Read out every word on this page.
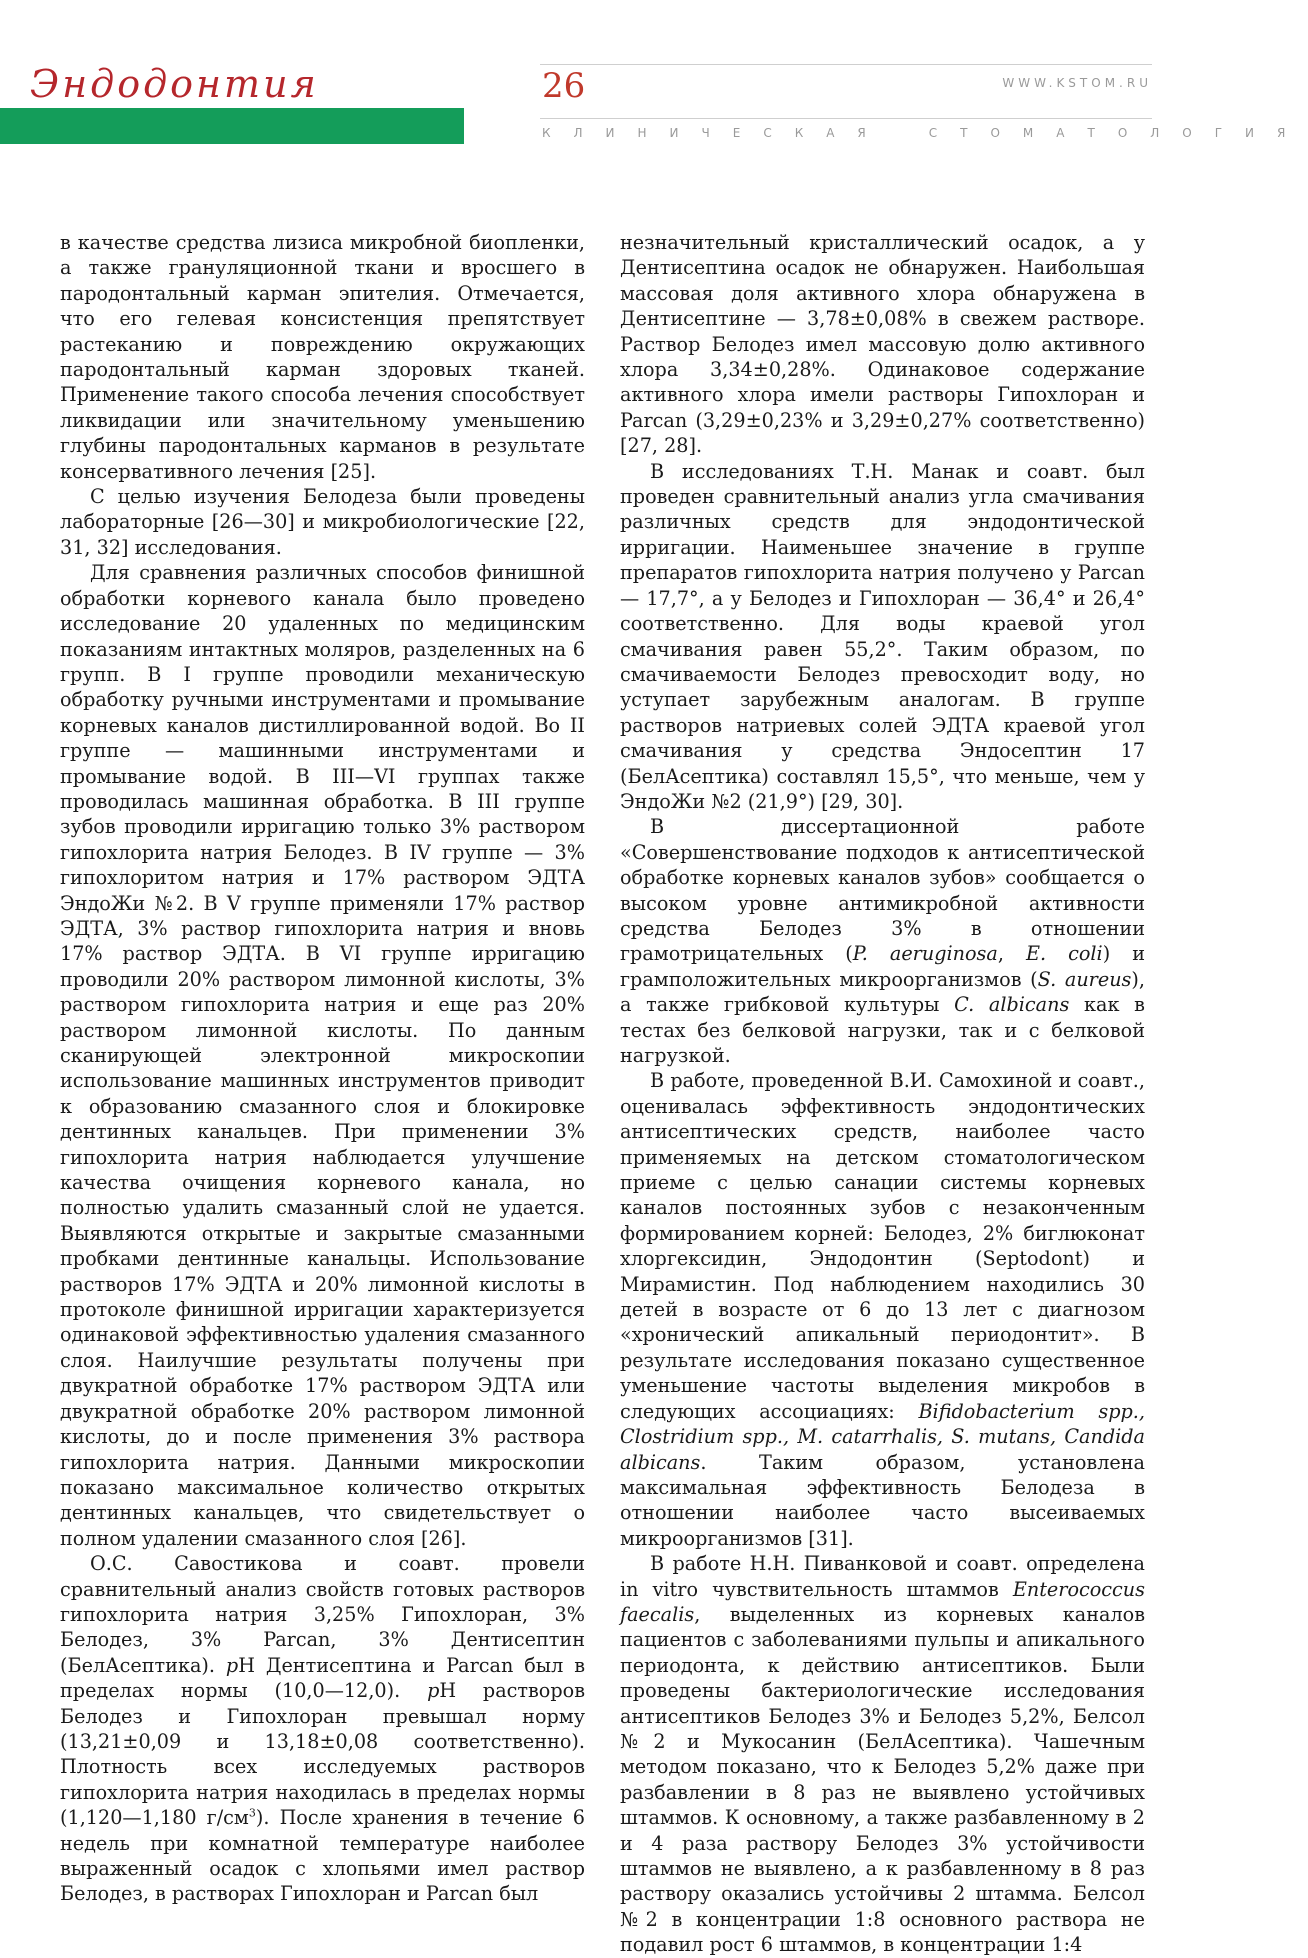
Эндодонтия	26	WWW.KSTOM.RU
КЛИНИЧЕСКАЯ	СТОМАТОЛОГИЯ

в качестве средства лизиса микробной биопленки, а также грануляционной ткани и вросшего в пародонтальный карман эпителия. Отмечается, что его гелевая консистенция препятствует растеканию и повреждению окружающих пародонтальный карман здоровых тканей. Применение такого способа лечения способствует ликвидации или значительному уменьшению глубины пародонтальных карманов в результате консервативного лечения [25].

С целью изучения Белодеза были проведены лабораторные [26—30] и микробиологические [22, 31, 32] исследования.

Для сравнения различных способов финишной обработки корневого канала было проведено исследование 20 удаленных по медицинским показаниям интактных моляров, разделенных на 6 групп. В I группе проводили механическую обработку ручными инструментами и промывание корневых каналов дистиллированной водой. Во II группе — машинными инструментами и промывание водой. В III—VI группах также проводилась машинная обработка. В III группе зубов проводили ирригацию только 3% раствором гипохлорита натрия Белодез. В IV группе — 3% гипохлоритом натрия и 17% раствором ЭДТА ЭндоЖи №2. В V группе применяли 17% раствор ЭДТА, 3% раствор гипохлорита натрия и вновь 17% раствор ЭДТА. В VI группе ирригацию проводили 20% раствором лимонной кислоты, 3% раствором гипохлорита натрия и еще раз 20% раствором лимонной кислоты. По данным сканирующей электронной микроскопии использование машинных инструментов приводит к образованию смазанного слоя и блокировке дентинных канальцев. При применении 3% гипохлорита натрия наблюдается улучшение качества очищения корневого канала, но полностью удалить смазанный слой не удается. Выявляются открытые и закрытые смазанными пробками дентинные канальцы. Использование растворов 17% ЭДТА и 20% лимонной кислоты в протоколе финишной ирригации характеризуется одинаковой эффективностью удаления смазанного слоя. Наилучшие результаты получены при двукратной обработке 17% раствором ЭДТА или двукратной обработке 20% раствором лимонной кислоты, до и после применения 3% раствора гипохлорита натрия. Данными микроскопии показано максимальное количество открытых дентинных канальцев, что свидетельствует о полном удалении смазанного слоя [26].

О.С. Савостикова и соавт. провели сравнительный анализ свойств готовых растворов гипохлорита натрия 3,25% Гипохлоран, 3% Белодез, 3% Parcan, 3% Дентисептин (БелАсептика). pН Дентисептина и Parcan был в пределах нормы (10,0—12,0). pН растворов Белодез и Гипохлоран превышал норму (13,21±0,09 и 13,18±0,08 соответственно). Плотность всех исследуемых растворов гипохлорита натрия находилась в пределах нормы (1,120—1,180 $г/см^3$). После хранения в течение 6 недель при комнатной температуре наиболее выраженный осадок с хлопьями имел раствор Белодез, в растворах Гипохлоран и Parcan был

незначительный кристаллический осадок, а у Дентисептина осадок не обнаружен. Наибольшая массовая доля активного хлора обнаружена в Дентисептине — 3,78±0,08% в свежем растворе. Раствор Белодез имел массовую долю активного хлора 3,34±0,28%. Одинаковое содержание активного хлора имели растворы Гипохлоран и Parcan (3,29±0,23% и 3,29±0,27% соответственно) [27, 28].

В исследованиях Т.Н. Манак и соавт. был проведен сравнительный анализ угла смачивания различных средств для эндодонтической ирригации. Наименьшее значение в группе препаратов гипохлорита натрия получено у Parcan — 17,7°, а у Белодез и Гипохлоран — 36,4° и 26,4° соответственно. Для воды краевой угол смачивания равен 55,2°. Таким образом, по смачиваемости Белодез превосходит воду, но уступает зарубежным аналогам. В группе растворов натриевых солей ЭДТА краевой угол смачивания у средства Эндосептин 17 (БелАсептика) составлял 15,5°, что меньше, чем у ЭндоЖи №2 (21,9°) [29, 30].

В диссертационной работе «Совершенствование подходов к антисептической обработке корневых каналов зубов» сообщается о высоком уровне антимикробной активности средства Белодез 3% в отношении грамотрицательных (P. aeruginosa, E. coli) и грамположительных микроорганизмов (S. aureus), а также грибковой культуры C. albicans как в тестах без белковой нагрузки, так и с белковой нагрузкой.

В работе, проведенной В.И. Самохиной и соавт., оценивалась эффективность эндодонтических антисептических средств, наиболее часто применяемых на детском стоматологическом приеме с целью санации системы корневых каналов постоянных зубов с незаконченным формированием корней: Белодез, 2% биглюконат хлоргексидин, Эндодонтин (Septodont) и Мирамистин. Под наблюдением находились 30 детей в возрасте от 6 до 13 лет с диагнозом «хронический апикальный периодонтит». В результате исследования показано существенное уменьшение частоты выделения микробов в следующих ассоциациях: Bifidobacterium spp., Clostridium spp., M. catarrhalis, S. mutans, Candida albicans. Таким образом, установлена максимальная эффективность Белодеза в отношении наиболее часто высеиваемых микроорганизмов [31].

В работе Н.Н. Пиванковой и соавт. определена in vitro чувствительность штаммов Enterococcus faecalis, выделенных из корневых каналов пациентов с заболеваниями пульпы и апикального периодонта, к действию антисептиков. Были проведены бактериологические исследования антисептиков Белодез 3% и Белодез 5,2%, Белсол №2 и Мукосанин (БелАсептика). Чашечным методом показано, что к Белодез 5,2% даже при разбавлении в 8 раз не выявлено устойчивых штаммов. К основному, а также разбавленному в 2 и 4 раза раствору Белодез 3% устойчивости штаммов не выявлено, а к разбавленному в 8 раз раствору оказались устойчивы 2 штамма. Белсол №2 в концентрации 1:8 основного раствора не подавил рост 6 штаммов, в концентрации 1:4
